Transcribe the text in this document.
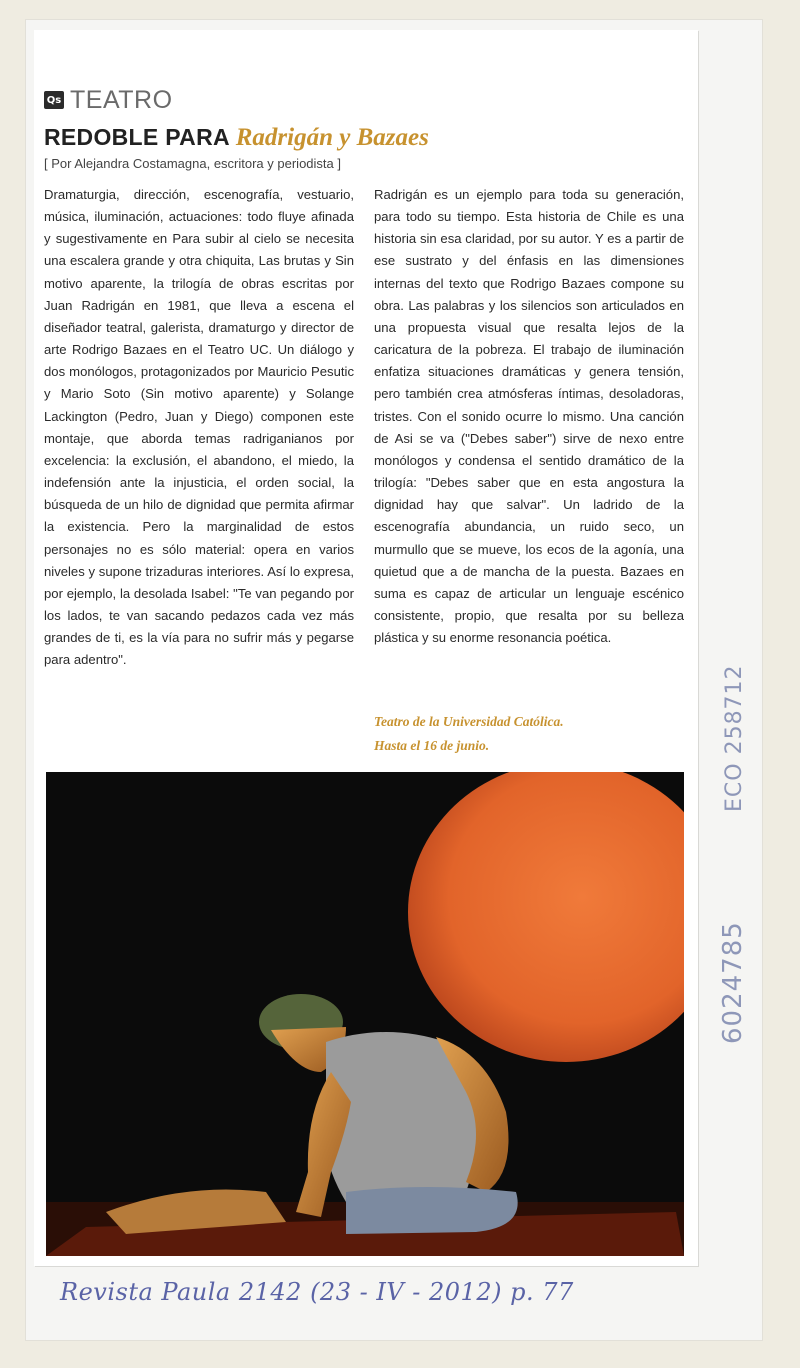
Qs TEATRO
REDOBLE PARA Radrigán y Bazaes
[ Por Alejandra Costamagna, escritora y periodista ]

Dramaturgia, dirección, escenografía, vestuario, música, iluminación, actuaciones: todo fluye afinada y sugestivamente en Para subir al cielo se necesita una escalera grande y otra chiquita, Las brutas y Sin motivo aparente, la trilogía de obras escritas por Juan Radrigán en 1981, que lleva a escena el diseñador teatral, galerista, dramaturgo y director de arte Rodrigo Bazaes en el Teatro UC. Un diálogo y dos monólogos, protagonizados por Mauricio Pesutic y Mario Soto (Sin motivo aparente) y Solange Lackington (Pedro, Juan y Diego) componen este montaje, que aborda temas radriganianos por excelencia: la exclusión, el abandono, el miedo, la indefensión ante la injusticia, el orden social, la búsqueda de un hilo de dignidad que permita afirmar la existencia. Pero la marginalidad de estos personajes no es sólo material: opera en varios niveles y supone trizaduras interiores. Así lo expresa, por ejemplo, la desolada Isabel: "Te van pegando por los lados, te van sacando pedazos cada vez más grandes de ti, es la vía para no sufrir más y pegarse para adentro".

Radrigán es un ejemplo para toda su generación, para todo su tiempo. Esta historia de Chile es una historia sin esa claridad, por su autor. Y es a partir de ese sustrato y del énfasis en las dimensiones internas del texto que Rodrigo Bazaes compone su obra. Las palabras y los silencios son articulados en una propuesta visual que resalta lejos de la caricatura de la pobreza. El trabajo de iluminación enfatiza situaciones dramáticas y genera tensión, pero también crea atmósferas íntimas, desoladoras, tristes. Con el sonido ocurre lo mismo. Una canción de Asi se va ("Debes saber") sirve de nexo entre monólogos y condensa el sentido dramático de la trilogía: "Debes saber que en esta angostura la dignidad hay que salvar". Un ladrido de la escenografía abundancia, un ruido seco, un murmullo que se mueve, los ecos de la agonía, una quietud que a de mancha de la puesta. Bazaes en suma es capaz de articular un lenguaje escénico consistente, propio, que resalta por su belleza plástica y su enorme resonancia poética.

Teatro de la Universidad Católica.
Hasta el 16 de junio.	ECO 258712
6024785
Revista Paula 2142 (23 - IV - 2012) p. 77
